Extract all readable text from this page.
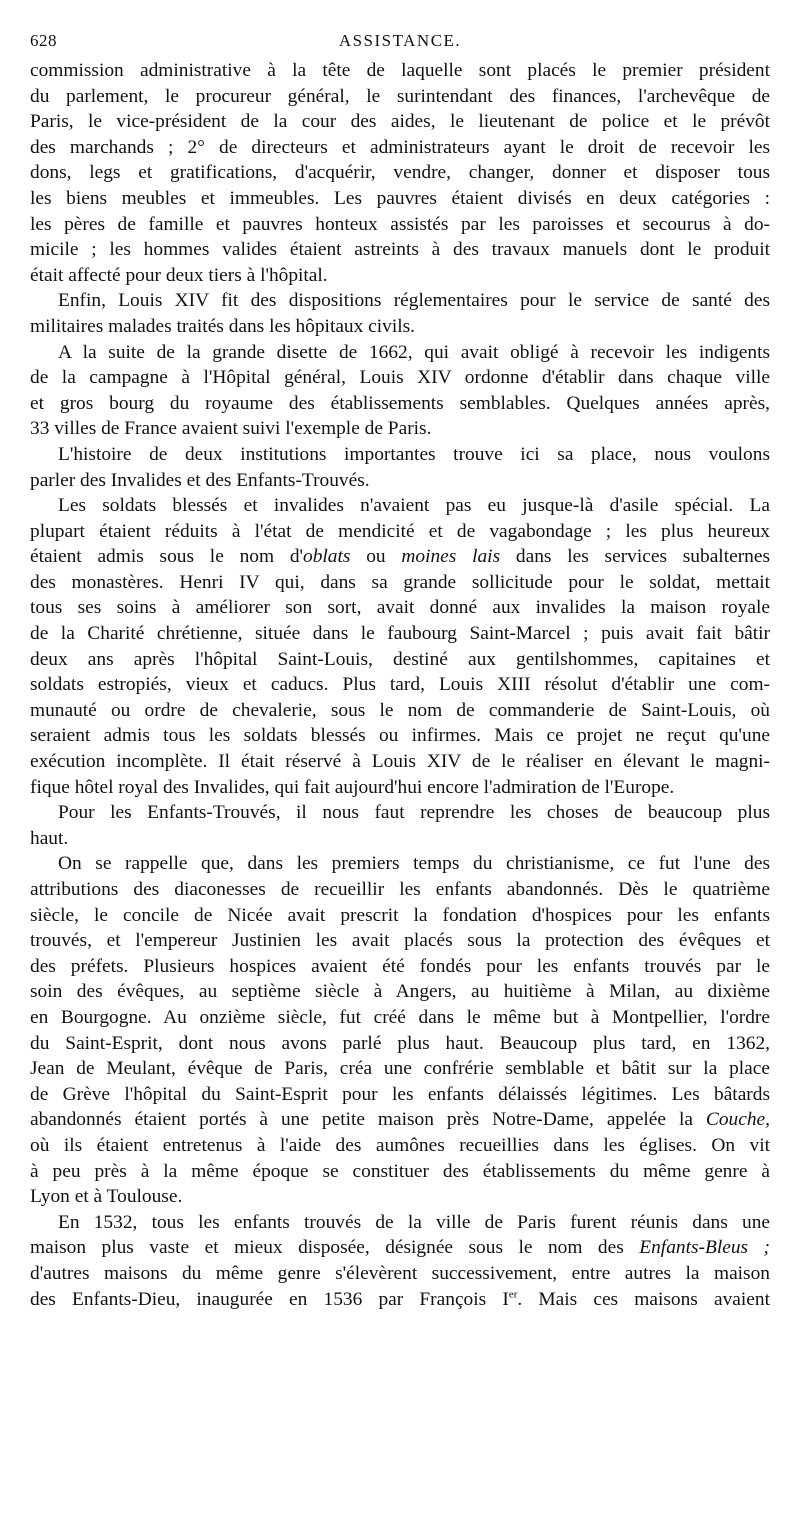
628	ASSISTANCE.
commission administrative à la tête de laquelle sont placés le premier président
du parlement, le procureur général, le surintendant des finances, l'archevêque de
Paris, le vice-président de la cour des aides, le lieutenant de police et le prévôt
des marchands ; 2° de directeurs et administrateurs ayant le droit de recevoir les
dons, legs et gratifications, d'acquérir, vendre, changer, donner et disposer tous
les biens meubles et immeubles. Les pauvres étaient divisés en deux catégories :
les pères de famille et pauvres honteux assistés par les paroisses et secourus à do-
micile ; les hommes valides étaient astreints à des travaux manuels dont le produit
était affecté pour deux tiers à l'hôpital.
Enfin, Louis XIV fit des dispositions réglementaires pour le service de santé des
militaires malades traités dans les hôpitaux civils.
A la suite de la grande disette de 1662, qui avait obligé à recevoir les indigents
de la campagne à l'Hôpital général, Louis XIV ordonne d'établir dans chaque ville
et gros bourg du royaume des établissements semblables. Quelques années après,
33 villes de France avaient suivi l'exemple de Paris.
L'histoire de deux institutions importantes trouve ici sa place, nous voulons
parler des Invalides et des Enfants-Trouvés.
Les soldats blessés et invalides n'avaient pas eu jusque-là d'asile spécial. La
plupart étaient réduits à l'état de mendicité et de vagabondage ; les plus heureux
étaient admis sous le nom d'oblats ou moines lais dans les services subalternes
des monastères. Henri IV qui, dans sa grande sollicitude pour le soldat, mettait
tous ses soins à améliorer son sort, avait donné aux invalides la maison royale
de la Charité chrétienne, située dans le faubourg Saint-Marcel ; puis avait fait bâtir
deux ans après l'hôpital Saint-Louis, destiné aux gentilshommes, capitaines et
soldats estropiés, vieux et caducs. Plus tard, Louis XIII résolut d'établir une com-
munauté ou ordre de chevalerie, sous le nom de commanderie de Saint-Louis, où
seraient admis tous les soldats blessés ou infirmes. Mais ce projet ne reçut qu'une
exécution incomplète. Il était réservé à Louis XIV de le réaliser en élevant le magni-
fique hôtel royal des Invalides, qui fait aujourd'hui encore l'admiration de l'Europe.
Pour les Enfants-Trouvés, il nous faut reprendre les choses de beaucoup plus
haut.
On se rappelle que, dans les premiers temps du christianisme, ce fut l'une des
attributions des diaconesses de recueillir les enfants abandonnés. Dès le quatrième
siècle, le concile de Nicée avait prescrit la fondation d'hospices pour les enfants
trouvés, et l'empereur Justinien les avait placés sous la protection des évêques et
des préfets. Plusieurs hospices avaient été fondés pour les enfants trouvés par le
soin des évêques, au septième siècle à Angers, au huitième à Milan, au dixième
en Bourgogne. Au onzième siècle, fut créé dans le même but à Montpellier, l'ordre
du Saint-Esprit, dont nous avons parlé plus haut. Beaucoup plus tard, en 1362,
Jean de Meulant, évêque de Paris, créa une confrérie semblable et bâtit sur la place
de Grève l'hôpital du Saint-Esprit pour les enfants délaissés légitimes. Les bâtards
abandonnés étaient portés à une petite maison près Notre-Dame, appelée la Couche,
où ils étaient entretenus à l'aide des aumônes recueillies dans les églises. On vit
à peu près à la même époque se constituer des établissements du même genre à
Lyon et à Toulouse.
En 1532, tous les enfants trouvés de la ville de Paris furent réunis dans une
maison plus vaste et mieux disposée, désignée sous le nom des Enfants-Bleus ;
d'autres maisons du même genre s'élevèrent successivement, entre autres la maison
des Enfants-Dieu, inaugurée en 1536 par François Ier. Mais ces maisons avaient
